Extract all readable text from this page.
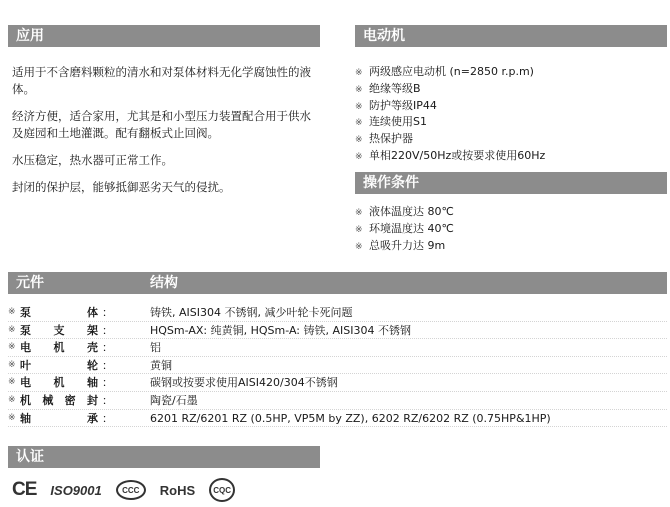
应用	电动机
操作条件
元件	结构
认证

适用于不含磨料颗粒的清水和对泵体材料无化学腐蚀性的液体。

经济方便，适合家用，尤其是和小型压力装置配合用于供水及庭园和土地灌溉。配有翻板式止回阀。

水压稳定，热水器可正常工作。

封闭的保护层，能够抵御恶劣天气的侵扰。

※ 两级感应电动机 (n=2850 r.p.m)
※ 绝缘等级B
※ 防护等级IP44
※ 连续使用S1
※ 热保护器
※ 单相220V/50Hz或按要求使用60Hz
※ 液体温度达 80℃
※ 环境温度达 40℃
※ 总吸升力达 9m
※ 泵体 ：	铸铁, AISI304 不锈钢, 减少叶轮卡死问题
※ 泵支架 ：	HQSm-AX: 纯黄铜, HQSm-A: 铸铁, AISI304 不锈钢
※ 电机壳 ：	铝
※ 叶轮 ：	黄铜
※ 电机轴 ：	碳钢或按要求使用AISI420/304不锈钢
※ 机械密封 ：	陶瓷/石墨
※ 轴承 ：	6201 RZ/6201 RZ (0.5HP, VP5M by ZZ), 6202 RZ/6202 RZ (0.75HP&1HP)
CE ISO9001	CCC	RoHS	CQC
